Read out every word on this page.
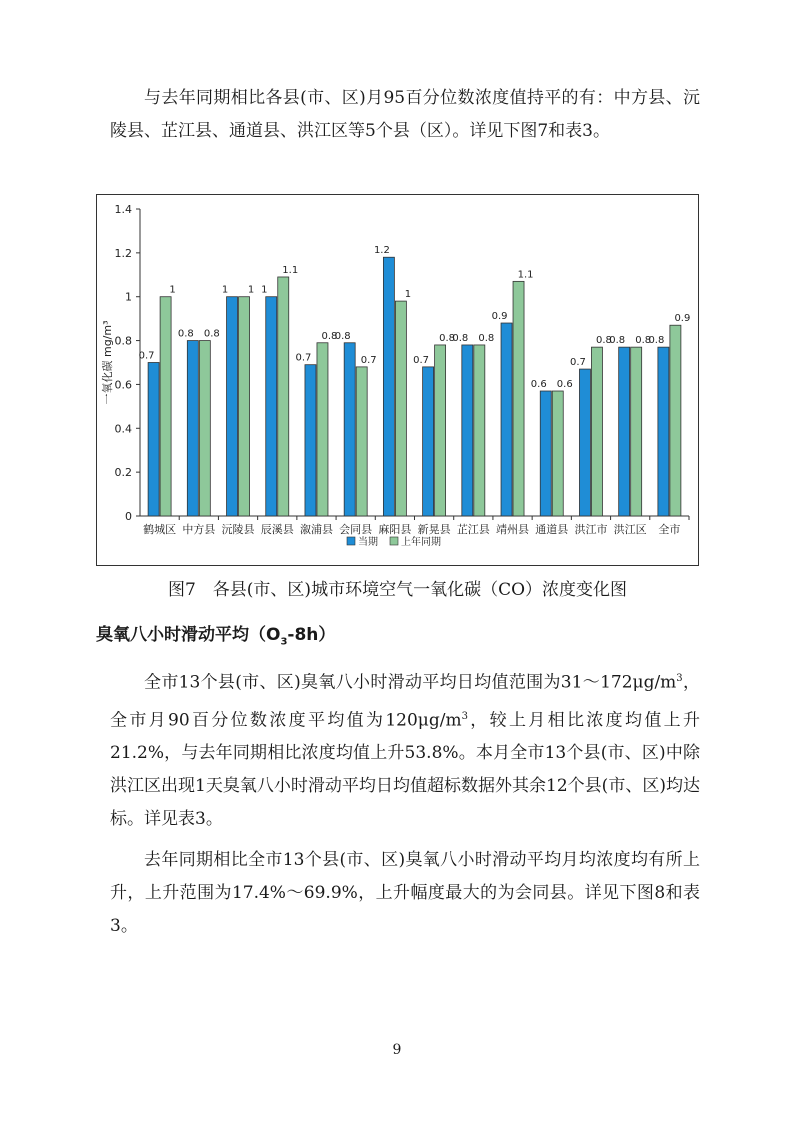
与去年同期相比各县(市、区)月95百分位数浓度值持平的有：中方县、沅陵县、芷江县、通道县、洪江区等5个县（区）。详见下图7和表3。

0
0.2
0.4
0.6
0.8
1
1.2
1.4
一氧化碳 mg/m³ 0.7
1
鹤城区
0.8 0.8
中方县
1 1
沅陵县
1
1.1
辰溪县
0.7
0.8
溆浦县
0.8
0.7
会同县
1.2
1
麻阳县
0.7
0.8
新晃县
0.8 0.8
芷江县
0.9
1.1
靖州县
0.6 0.6
通道县
0.7
0.8
洪江市
0.8 0.8
洪江区
0.8
0.9
全市
当期 上年同期

图7　各县(市、区)城市环境空气一氧化碳（CO）浓度变化图

臭氧八小时滑动平均$(O_3-8h)$

全市13个县(市、区)臭氧八小时滑动平均日均值范围为$31\sim 172\mu g/m^3$，全市月90百分位数浓度平均值为$120\mu g/m^3$，较上月相比浓度均值上升21.2%，与去年同期相比浓度均值上升53.8%。本月全市13个县(市、区)中除洪江区出现1天臭氧八小时滑动平均日均值超标数据外其余12个县(市、区)均达标。详见表3。

去年同期相比全市13个县(市、区)臭氧八小时滑动平均月均浓度均有所上升，上升范围为17.4%～69.9%，上升幅度最大的为会同县。详见下图8和表3。

9
